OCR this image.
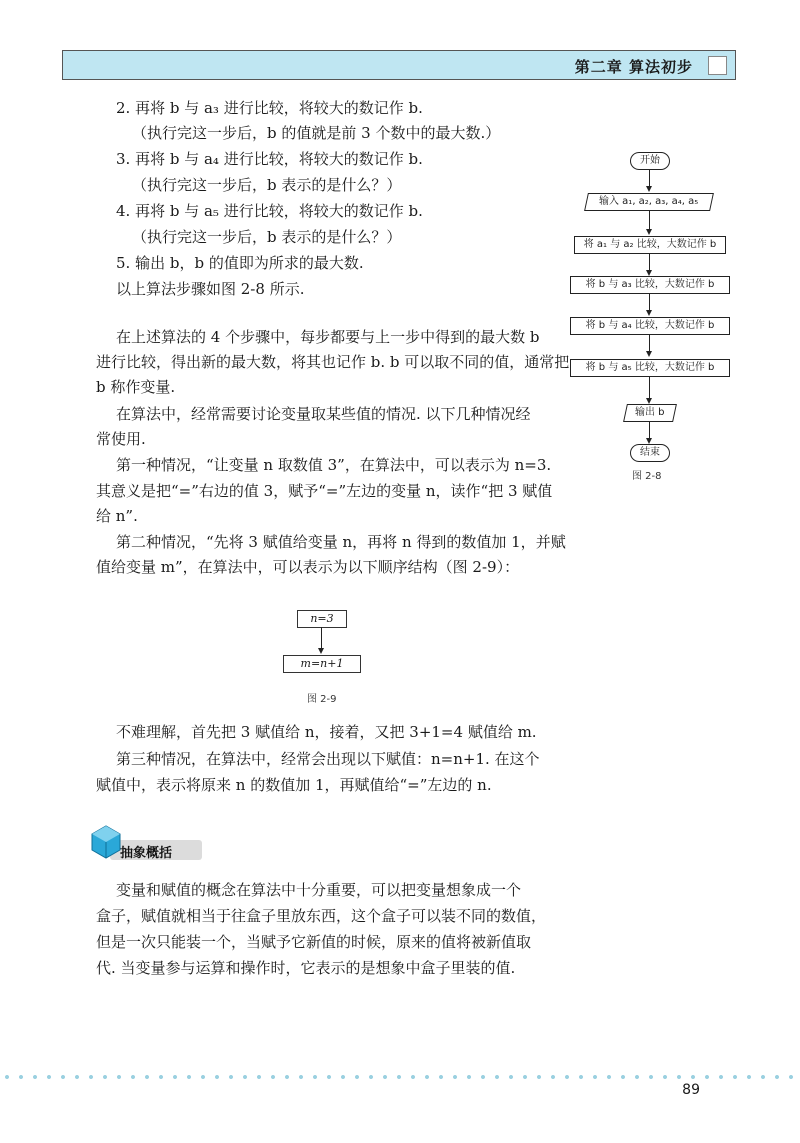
第二章 算法初步
2. 再将 b 与 a₃ 进行比较，将较大的数记作 b.
（执行完这一步后，b 的值就是前 3 个数中的最大数.）
3. 再将 b 与 a₄ 进行比较，将较大的数记作 b.
（执行完这一步后，b 表示的是什么？）
4. 再将 b 与 a₅ 进行比较，将较大的数记作 b.
（执行完这一步后，b 表示的是什么？）
5. 输出 b，b 的值即为所求的最大数.
以上算法步骤如图 2-8 所示.
在上述算法的 4 个步骤中，每步都要与上一步中得到的最大数 b
进行比较，得出新的最大数，将其也记作 b. b 可以取不同的值，通常把
b 称作变量.
在算法中，经常需要讨论变量取某些值的情况. 以下几种情况经
常使用.
第一种情况，“让变量 n 取数值 3”，在算法中，可以表示为 n=3.
其意义是把“=”右边的值 3，赋予“=”左边的变量 n，读作“把 3 赋值
给 n”.
第二种情况，“先将 3 赋值给变量 n，再将 n 得到的数值加 1，并赋
值给变量 m”，在算法中，可以表示为以下顺序结构（图 2-9）：
n=3
m=n+1
图 2-9
不难理解，首先把 3 赋值给 n，接着，又把 3+1=4 赋值给 m.
第三种情况，在算法中，经常会出现以下赋值：n=n+1. 在这个
赋值中，表示将原来 n 的数值加 1，再赋值给“=”左边的 n.
抽象概括
变量和赋值的概念在算法中十分重要，可以把变量想象成一个
盒子，赋值就相当于往盒子里放东西，这个盒子可以装不同的数值，
但是一次只能装一个，当赋予它新值的时候，原来的值将被新值取
代. 当变量参与运算和操作时，它表示的是想象中盒子里装的值.
开始
输入 a₁, a₂, a₃, a₄, a₅
将 a₁ 与 a₂ 比较，大数记作 b
将 b 与 a₃ 比较，大数记作 b
将 b 与 a₄ 比较，大数记作 b
将 b 与 a₅ 比较，大数记作 b
输出 b
结束
图 2-8
89
